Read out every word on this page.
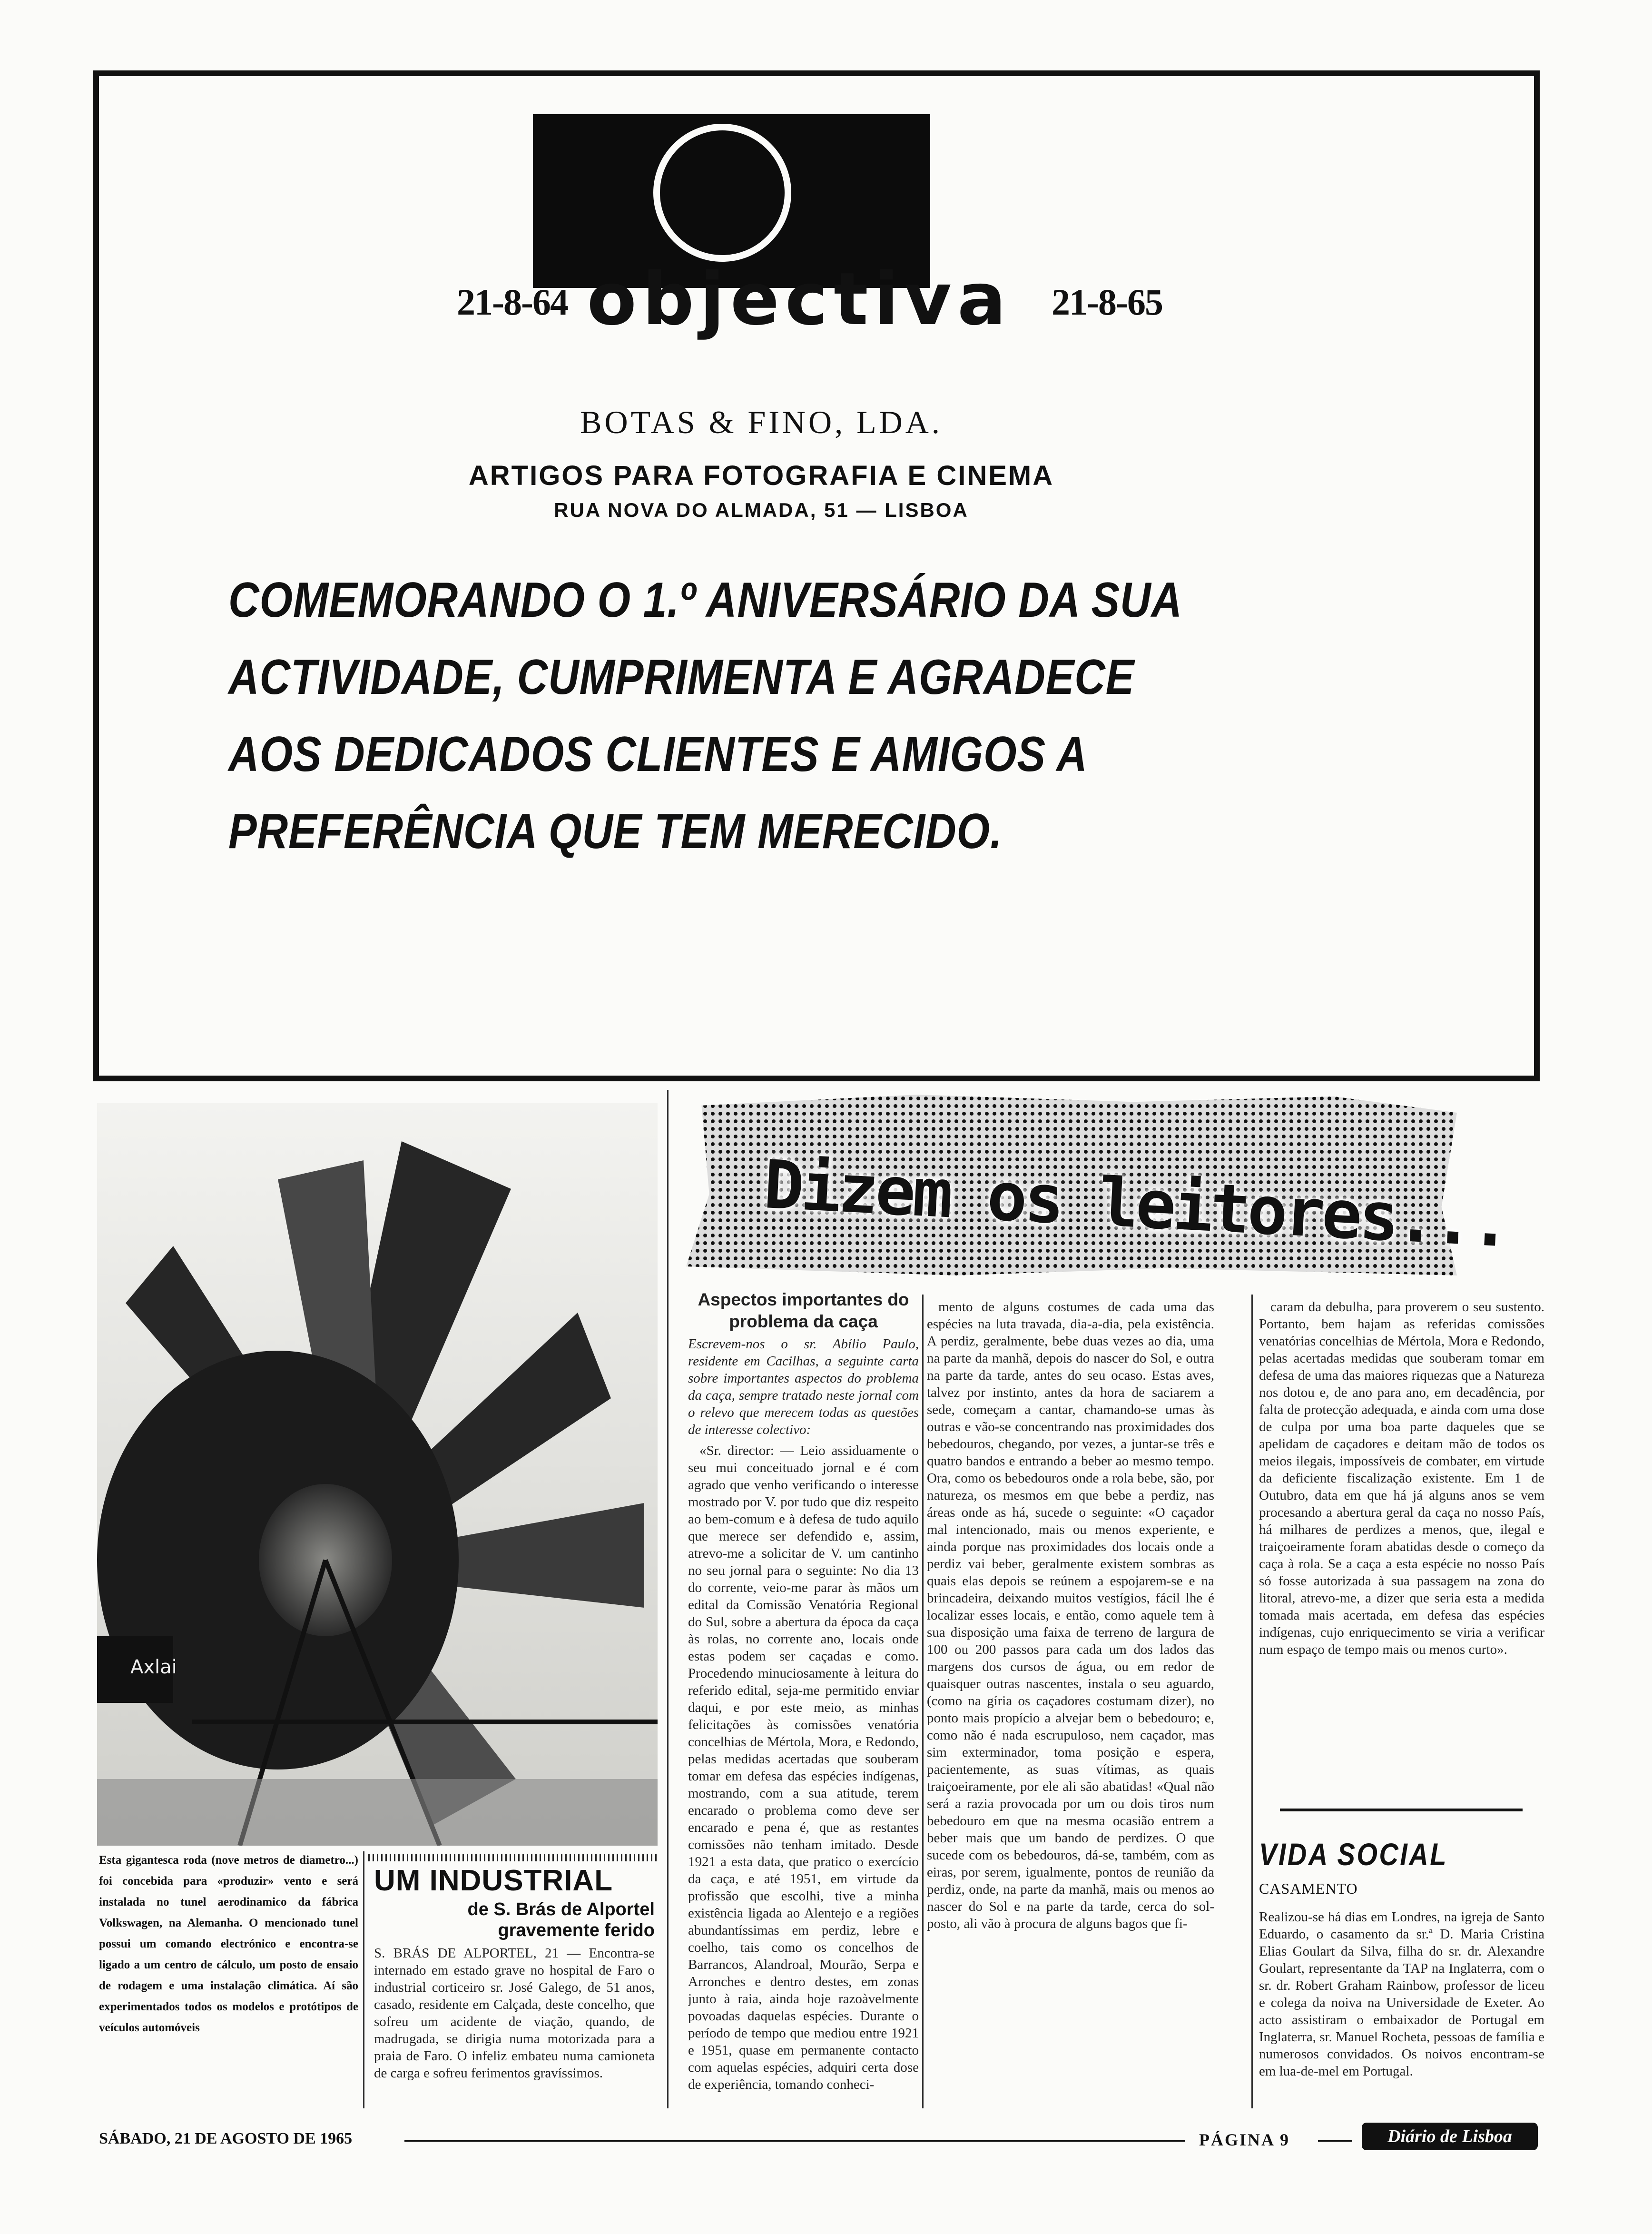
21-8-64	21-8-65
objectiva
BOTAS & FINO, LDA.
ARTIGOS PARA FOTOGRAFIA E CINEMA
RUA NOVA DO ALMADA, 51 — LISBOA
COMEMORANDO O 1.º ANIVERSÁRIO DA SUA ACTIVIDADE, CUMPRIMENTA E AGRADECE AOS DEDICADOS CLIENTES E AMIGOS A PREFERÊNCIA QUE TEM MERECIDO.
Axlai
Esta gigantesca roda (nove metros de diametro...) foi concebida para «produzir» vento e será instalada no tunel aerodinamico da fábrica Volkswagen, na Alemanha. O mencionado tunel possui um comando electrónico e encontra-se ligado a um centro de cálculo, um posto de ensaio de rodagem e uma instalação climática. Aí são experimentados todos os modelos e protótipos de veículos automóveis
UM INDUSTRIAL
de S. Brás de Alportel gravemente ferido
S. BRÁS DE ALPORTEL, 21 — Encontra-se internado em estado grave no hospital de Faro o industrial corticeiro sr. José Galego, de 51 anos, casado, residente em Calçada, deste concelho, que sofreu um acidente de viação, quando, de madrugada, se dirigia numa motorizada para a praia de Faro. O infeliz embateu numa camioneta de carga e sofreu ferimentos gravíssimos.
Dizem os leitores...
Aspectos importantes do problema da caça
Escrevem-nos o sr. Abílio Paulo, residente em Cacilhas, a seguinte carta sobre importantes aspectos do problema da caça, sempre tratado neste jornal com o relevo que merecem todas as questões de interesse colectivo:

«Sr. director: — Leio assiduamente o seu mui conceituado jornal e é com agrado que venho verificando o interesse mostrado por V. por tudo que diz respeito ao bem-comum e à defesa de tudo aquilo que merece ser defendido e, assim, atrevo-me a solicitar de V. um cantinho no seu jornal para o seguinte: No dia 13 do corrente, veio-me parar às mãos um edital da Comissão Venatória Regional do Sul, sobre a abertura da época da caça às rolas, no corrente ano, locais onde estas podem ser caçadas e como. Procedendo minuciosamente à leitura do referido edital, seja-me permitido enviar daqui, e por este meio, as minhas felicitações às comissões venatória concelhias de Mértola, Mora, e Redondo, pelas medidas acertadas que souberam tomar em defesa das espécies indígenas, mostrando, com a sua atitude, terem encarado o problema como deve ser encarado e pena é, que as restantes comissões não tenham imitado. Desde 1921 a esta data, que pratico o exercício da caça, e até 1951, em virtude da profissão que escolhi, tive a minha existência ligada ao Alentejo e a regiões abundantíssimas em perdiz, lebre e coelho, tais como os concelhos de Barrancos, Alandroal, Mourão, Serpa e Arronches e dentro destes, em zonas junto à raia, ainda hoje razoàvelmente povoadas daquelas espécies. Durante o período de tempo que mediou entre 1921 e 1951, quase em permanente contacto com aquelas espécies, adquiri certa dose de experiência, tomando conheci-

mento de alguns costumes de cada uma das espécies na luta travada, dia-a-dia, pela existência. A perdiz, geralmente, bebe duas vezes ao dia, uma na parte da manhã, depois do nascer do Sol, e outra na parte da tarde, antes do seu ocaso. Estas aves, talvez por instinto, antes da hora de saciarem a sede, começam a cantar, chamando-se umas às outras e vão-se concentrando nas proximidades dos bebedouros, chegando, por vezes, a juntar-se três e quatro bandos e entrando a beber ao mesmo tempo. Ora, como os bebedouros onde a rola bebe, são, por natureza, os mesmos em que bebe a perdiz, nas áreas onde as há, sucede o seguinte: «O caçador mal intencionado, mais ou menos experiente, e ainda porque nas proximidades dos locais onde a perdiz vai beber, geralmente existem sombras as quais elas depois se reúnem a espojarem-se e na brincadeira, deixando muitos vestígios, fácil lhe é localizar esses locais, e então, como aquele tem à sua disposição uma faixa de terreno de largura de 100 ou 200 passos para cada um dos lados das margens dos cursos de água, ou em redor de quaisquer outras nascentes, instala o seu aguardo, (como na gíria os caçadores costumam dizer), no ponto mais propício a alvejar bem o bebedouro; e, como não é nada escrupuloso, nem caçador, mas sim exterminador, toma posição e espera, pacientemente, as suas vítimas, as quais traiçoeiramente, por ele ali são abatidas! «Qual não será a razia provocada por um ou dois tiros num bebedouro em que na mesma ocasião entrem a beber mais que um bando de perdizes. O que sucede com os bebedouros, dá-se, também, com as eiras, por serem, igualmente, pontos de reunião da perdiz, onde, na parte da manhã, mais ou menos ao nascer do Sol e na parte da tarde, cerca do sol-posto, ali vão à procura de alguns bagos que fi-

caram da debulha, para proverem o seu sustento. Portanto, bem hajam as referidas comissões venatórias concelhias de Mértola, Mora e Redondo, pelas acertadas medidas que souberam tomar em defesa de uma das maiores riquezas que a Natureza nos dotou e, de ano para ano, em decadência, por falta de protecção adequada, e ainda com uma dose de culpa por uma boa parte daqueles que se apelidam de caçadores e deitam mão de todos os meios ilegais, impossíveis de combater, em virtude da deficiente fiscalização existente. Em 1 de Outubro, data em que há já alguns anos se vem procesando a abertura geral da caça no nosso País, há milhares de perdizes a menos, que, ilegal e traiçoeiramente foram abatidas desde o começo da caça à rola. Se a caça a esta espécie no nosso País só fosse autorizada à sua passagem na zona do litoral, atrevo-me, a dizer que seria esta a medida tomada mais acertada, em defesa das espécies indígenas, cujo enriquecimento se viria a verificar num espaço de tempo mais ou menos curto».

VIDA SOCIAL
CASAMENTO
Realizou-se há dias em Londres, na igreja de Santo Eduardo, o casamento da sr.ª D. Maria Cristina Elias Goulart da Silva, filha do sr. dr. Alexandre Goulart, representante da TAP na Inglaterra, com o sr. dr. Robert Graham Rainbow, professor de liceu e colega da noiva na Universidade de Exeter. Ao acto assistiram o embaixador de Portugal em Inglaterra, sr. Manuel Rocheta, pessoas de família e numerosos convidados. Os noivos encontram-se em lua-de-mel em Portugal.
SÁBADO, 21 DE AGOSTO DE 1965	PÁGINA 9	Diário de Lisboa
